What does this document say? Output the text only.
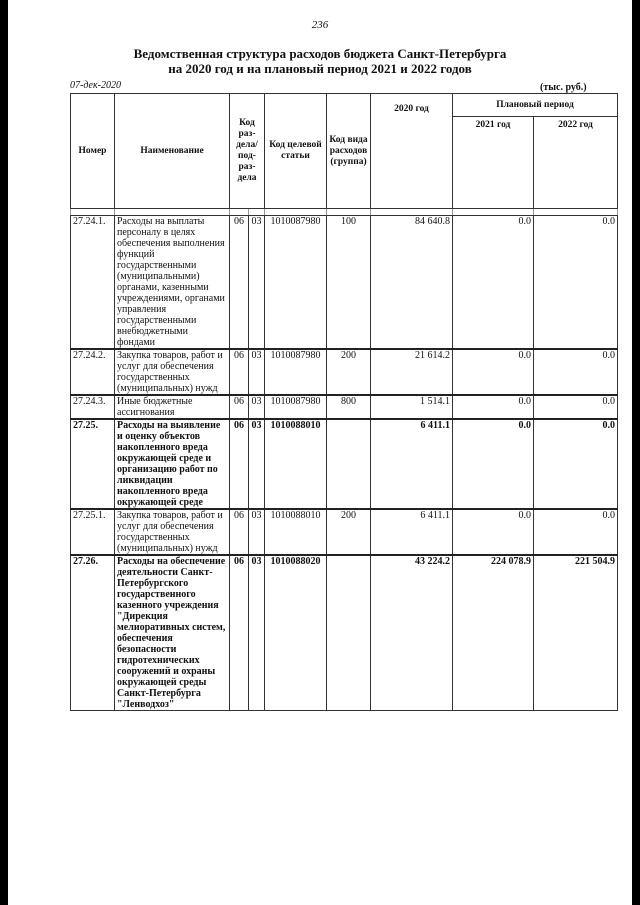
236
Ведомственная структура расходов бюджета Санкт-Петербурга
на 2020 год и на плановый период 2021 и 2022 годов
07-дек-2020	(тыс. руб.)
Номер	Наименование	Код раз-дела/ под-раз-дела		Код целевой статьи	Код вида расходов (группа)	2020 год	Плановый период	
							2021 год	2022 год

27.24.1.	Расходы на выплаты персоналу в целях обеспечения выполнения функций государственными (муниципальными) органами, казенными учреждениями, органами управления государственными внебюджетными фондами	06	03	1010087980	100	84 640.8	0.0	0.0
27.24.2.	Закупка товаров, работ и услуг для обеспечения государственных (муниципальных) нужд	06	03	1010087980	200	21 614.2	0.0	0.0
27.24.3.	Иные бюджетные ассигнования	06	03	1010087980	800	1 514.1	0.0	0.0
27.25.	Расходы на выявление и оценку объектов накопленного вреда окружающей среде и организацию работ по ликвидации накопленного вреда окружающей среде	06	03	1010088010		6 411.1	0.0	0.0
27.25.1.	Закупка товаров, работ и услуг для обеспечения государственных (муниципальных) нужд	06	03	1010088010	200	6 411.1	0.0	0.0
27.26.	Расходы на обеспечение деятельности Санкт-Петербургского государственного казенного учреждения "Дирекция мелиоративных систем, обеспечения безопасности гидротехнических сооружений и охраны окружающей среды Санкт-Петербурга "Ленводхоз"	06	03	1010088020		43 224.2	224 078.9	221 504.9
